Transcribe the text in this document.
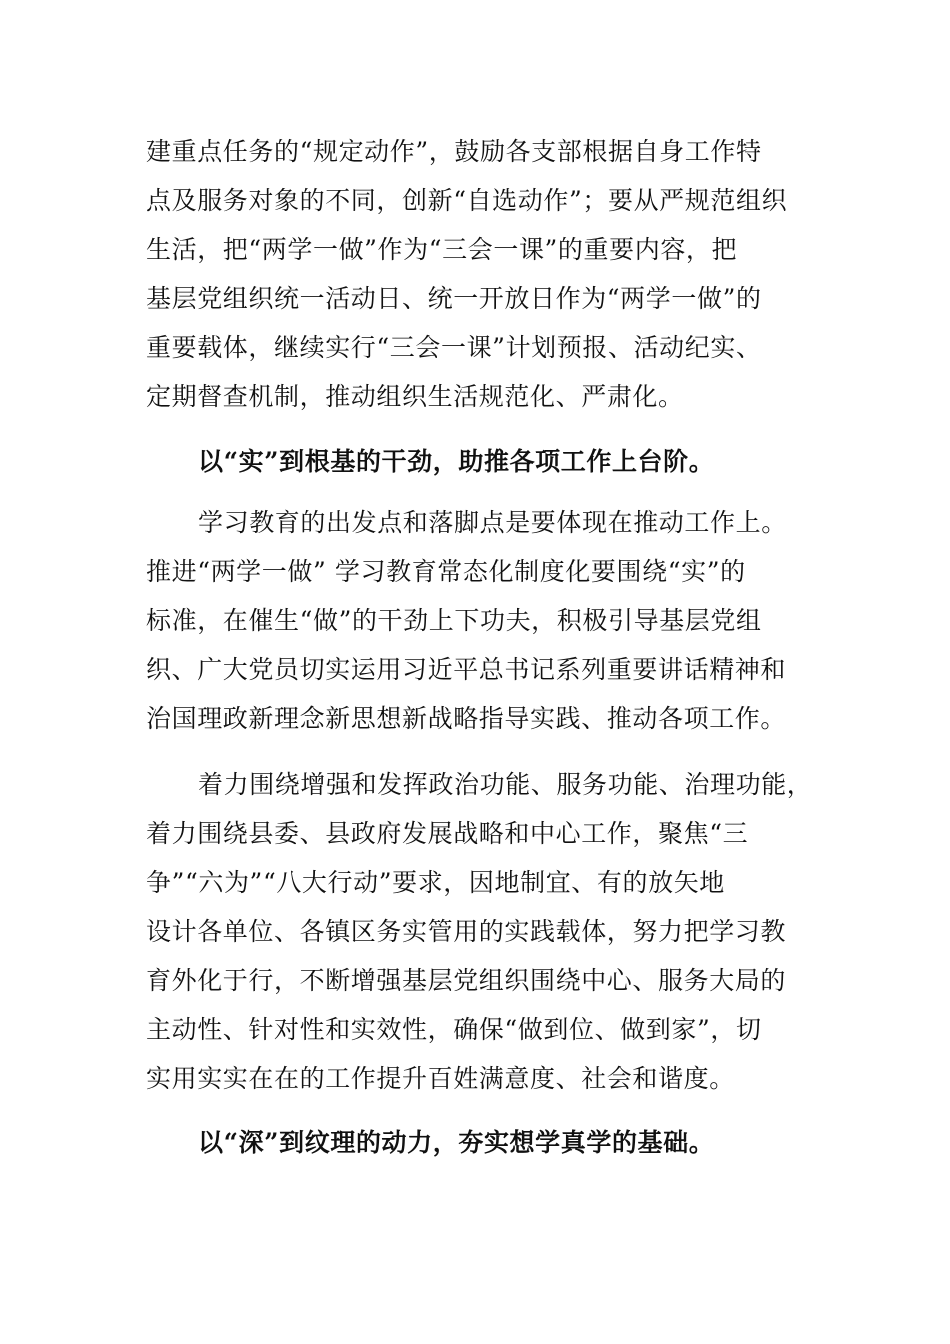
建重点任务的“规定动作”，鼓励各支部根据自身工作特
点及服务对象的不同，创新“自选动作”；要从严规范组织
生活，把“两学一做”作为“三会一课”的重要内容，把
基层党组织统一活动日、统一开放日作为“两学一做”的
重要载体，继续实行“三会一课”计划预报、活动纪实、
定期督查机制，推动组织生活规范化、严肃化。
以“实”到根基的干劲，助推各项工作上台阶。
学习教育的出发点和落脚点是要体现在推动工作上。
推进“两学一做” 学习教育常态化制度化要围绕“实”的
标准，在催生“做”的干劲上下功夫，积极引导基层党组
织、广大党员切实运用习近平总书记系列重要讲话精神和
治国理政新理念新思想新战略指导实践、推动各项工作。
着力围绕增强和发挥政治功能、服务功能、治理功能，
着力围绕县委、县政府发展战略和中心工作，聚焦“三
争”“六为”“八大行动”要求，因地制宜、有的放矢地
设计各单位、各镇区务实管用的实践载体，努力把学习教
育外化于行，不断增强基层党组织围绕中心、服务大局的
主动性、针对性和实效性，确保“做到位、做到家”，切
实用实实在在的工作提升百姓满意度、社会和谐度。
以“深”到纹理的动力，夯实想学真学的基础。
